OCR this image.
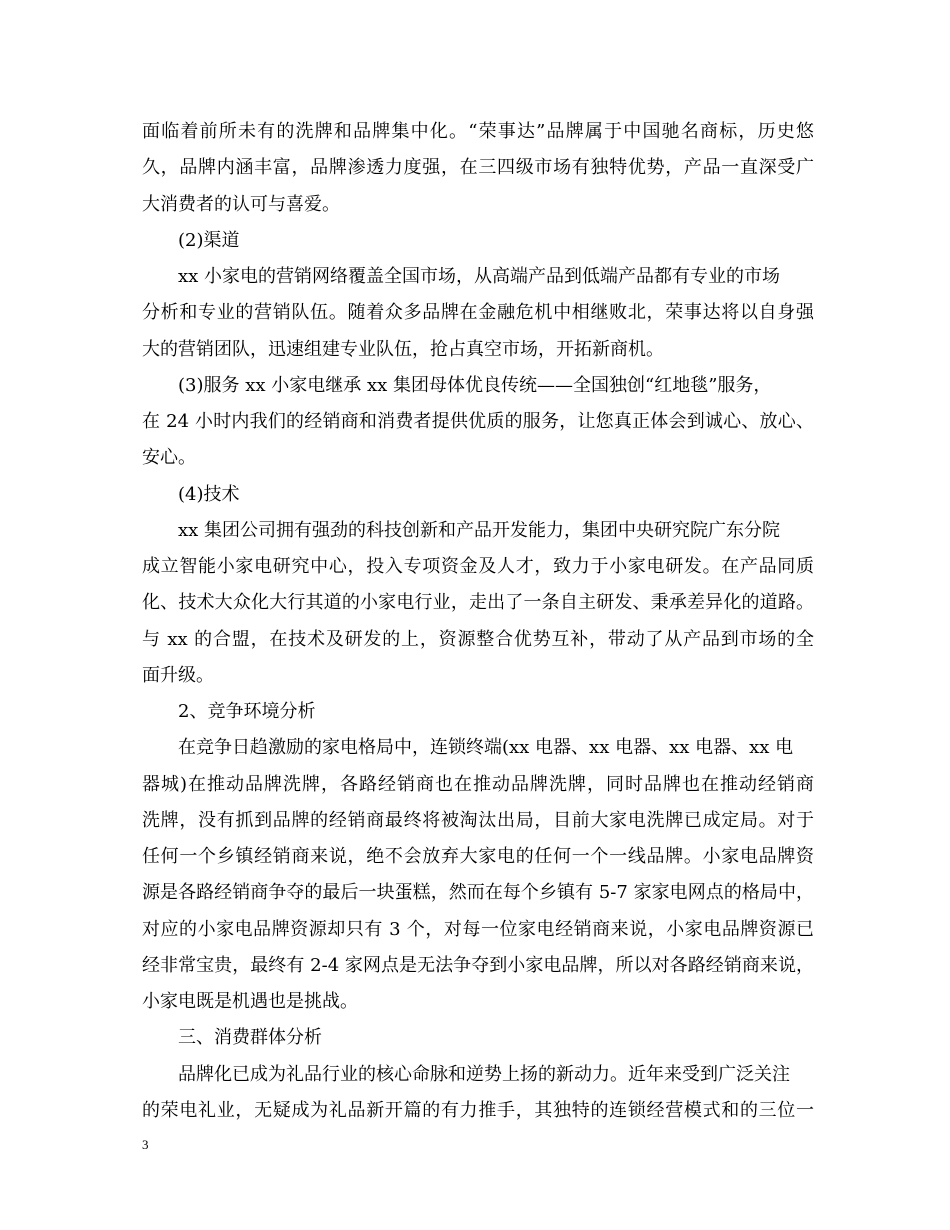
面临着前所未有的洗牌和品牌集中化。“荣事达”品牌属于中国驰名商标，历史悠
久，品牌内涵丰富，品牌渗透力度强，在三四级市场有独特优势，产品一直深受广
大消费者的认可与喜爱。
(2)渠道
xx 小家电的营销网络覆盖全国市场，从高端产品到低端产品都有专业的市场
分析和专业的营销队伍。随着众多品牌在金融危机中相继败北，荣事达将以自身强
大的营销团队，迅速组建专业队伍，抢占真空市场，开拓新商机。
(3)服务 xx 小家电继承 xx 集团母体优良传统——全国独创“红地毯”服务，
在 24 小时内我们的经销商和消费者提供优质的服务，让您真正体会到诚心、放心、
安心。
(4)技术
xx 集团公司拥有强劲的科技创新和产品开发能力，集团中央研究院广东分院
成立智能小家电研究中心，投入专项资金及人才，致力于小家电研发。在产品同质
化、技术大众化大行其道的小家电行业，走出了一条自主研发、秉承差异化的道路。
与 xx 的合盟，在技术及研发的上，资源整合优势互补，带动了从产品到市场的全
面升级。
2、竞争环境分析
在竞争日趋激励的家电格局中，连锁终端(xx 电器、xx 电器、xx 电器、xx 电
器城)在推动品牌洗牌，各路经销商也在推动品牌洗牌，同时品牌也在推动经销商
洗牌，没有抓到品牌的经销商最终将被淘汰出局，目前大家电洗牌已成定局。对于
任何一个乡镇经销商来说，绝不会放弃大家电的任何一个一线品牌。小家电品牌资
源是各路经销商争夺的最后一块蛋糕，然而在每个乡镇有 5-7 家家电网点的格局中，
对应的小家电品牌资源却只有 3 个，对每一位家电经销商来说，小家电品牌资源已
经非常宝贵，最终有 2-4 家网点是无法争夺到小家电品牌，所以对各路经销商来说，
小家电既是机遇也是挑战。
三、消费群体分析
品牌化已成为礼品行业的核心命脉和逆势上扬的新动力。近年来受到广泛关注
的荣电礼业，无疑成为礼品新开篇的有力推手，其独特的连锁经营模式和的三位一
3
